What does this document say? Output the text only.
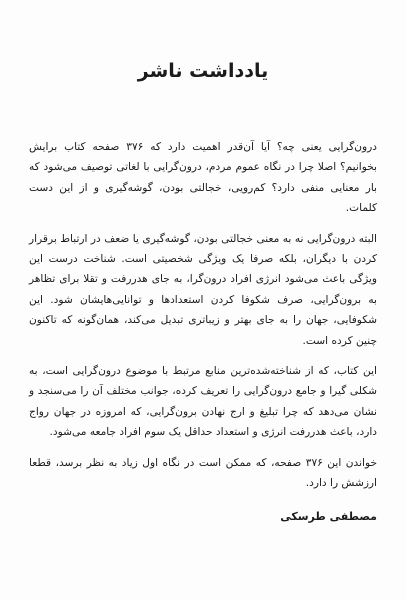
یادداشت ناشر

درون‌گرایی یعنی چه؟ آیا آن‌قدر اهمیت دارد که ۳۷۶ صفحه کتاب برایش بخوانیم؟ اصلا چرا در نگاه عموم مردم، درون‌گرایی با لغاتی توصیف می‌شود که بار معنایی منفی دارد؟ کم‌رویی، خجالتی بودن، گوشه‌گیری و از این دست کلمات.

البته درون‌گرایی نه به معنی خجالتی بودن، گوشه‌گیری یا ضعف در ارتباط برقرار کردن با دیگران، بلکه صرفا یک ویژگی شخصیتی است. شناخت درست این ویژگی باعث می‌شود انرژی افراد درون‌گرا، به جای هدررفت و تقلا برای تظاهر به برون‌گرایی، صرف شکوفا کردن استعدادها و توانایی‌هایشان شود. این شکوفایی، جهان را به جای بهتر و زیباتری تبدیل می‌کند، همان‌گونه که تاکنون چنین کرده است.

این کتاب، که از شناخته‌شده‌ترین منابع مرتبط با موضوع درون‌گرایی است، به شکلی گیرا و جامع درون‌گرایی را تعریف کرده، جوانب مختلف آن را می‌سنجد و نشان می‌دهد که چرا تبلیغ و ارج نهادن برون‌گرایی، که امروزه در جهان رواج دارد، باعث هدررفت انرژی و استعداد حداقل یک سوم افراد جامعه می‌شود.

خواندن این ۳۷۶ صفحه، که ممکن است در نگاه اول زیاد به نظر برسد، قطعا ارزشش را دارد.

مصطفی طرسکی
